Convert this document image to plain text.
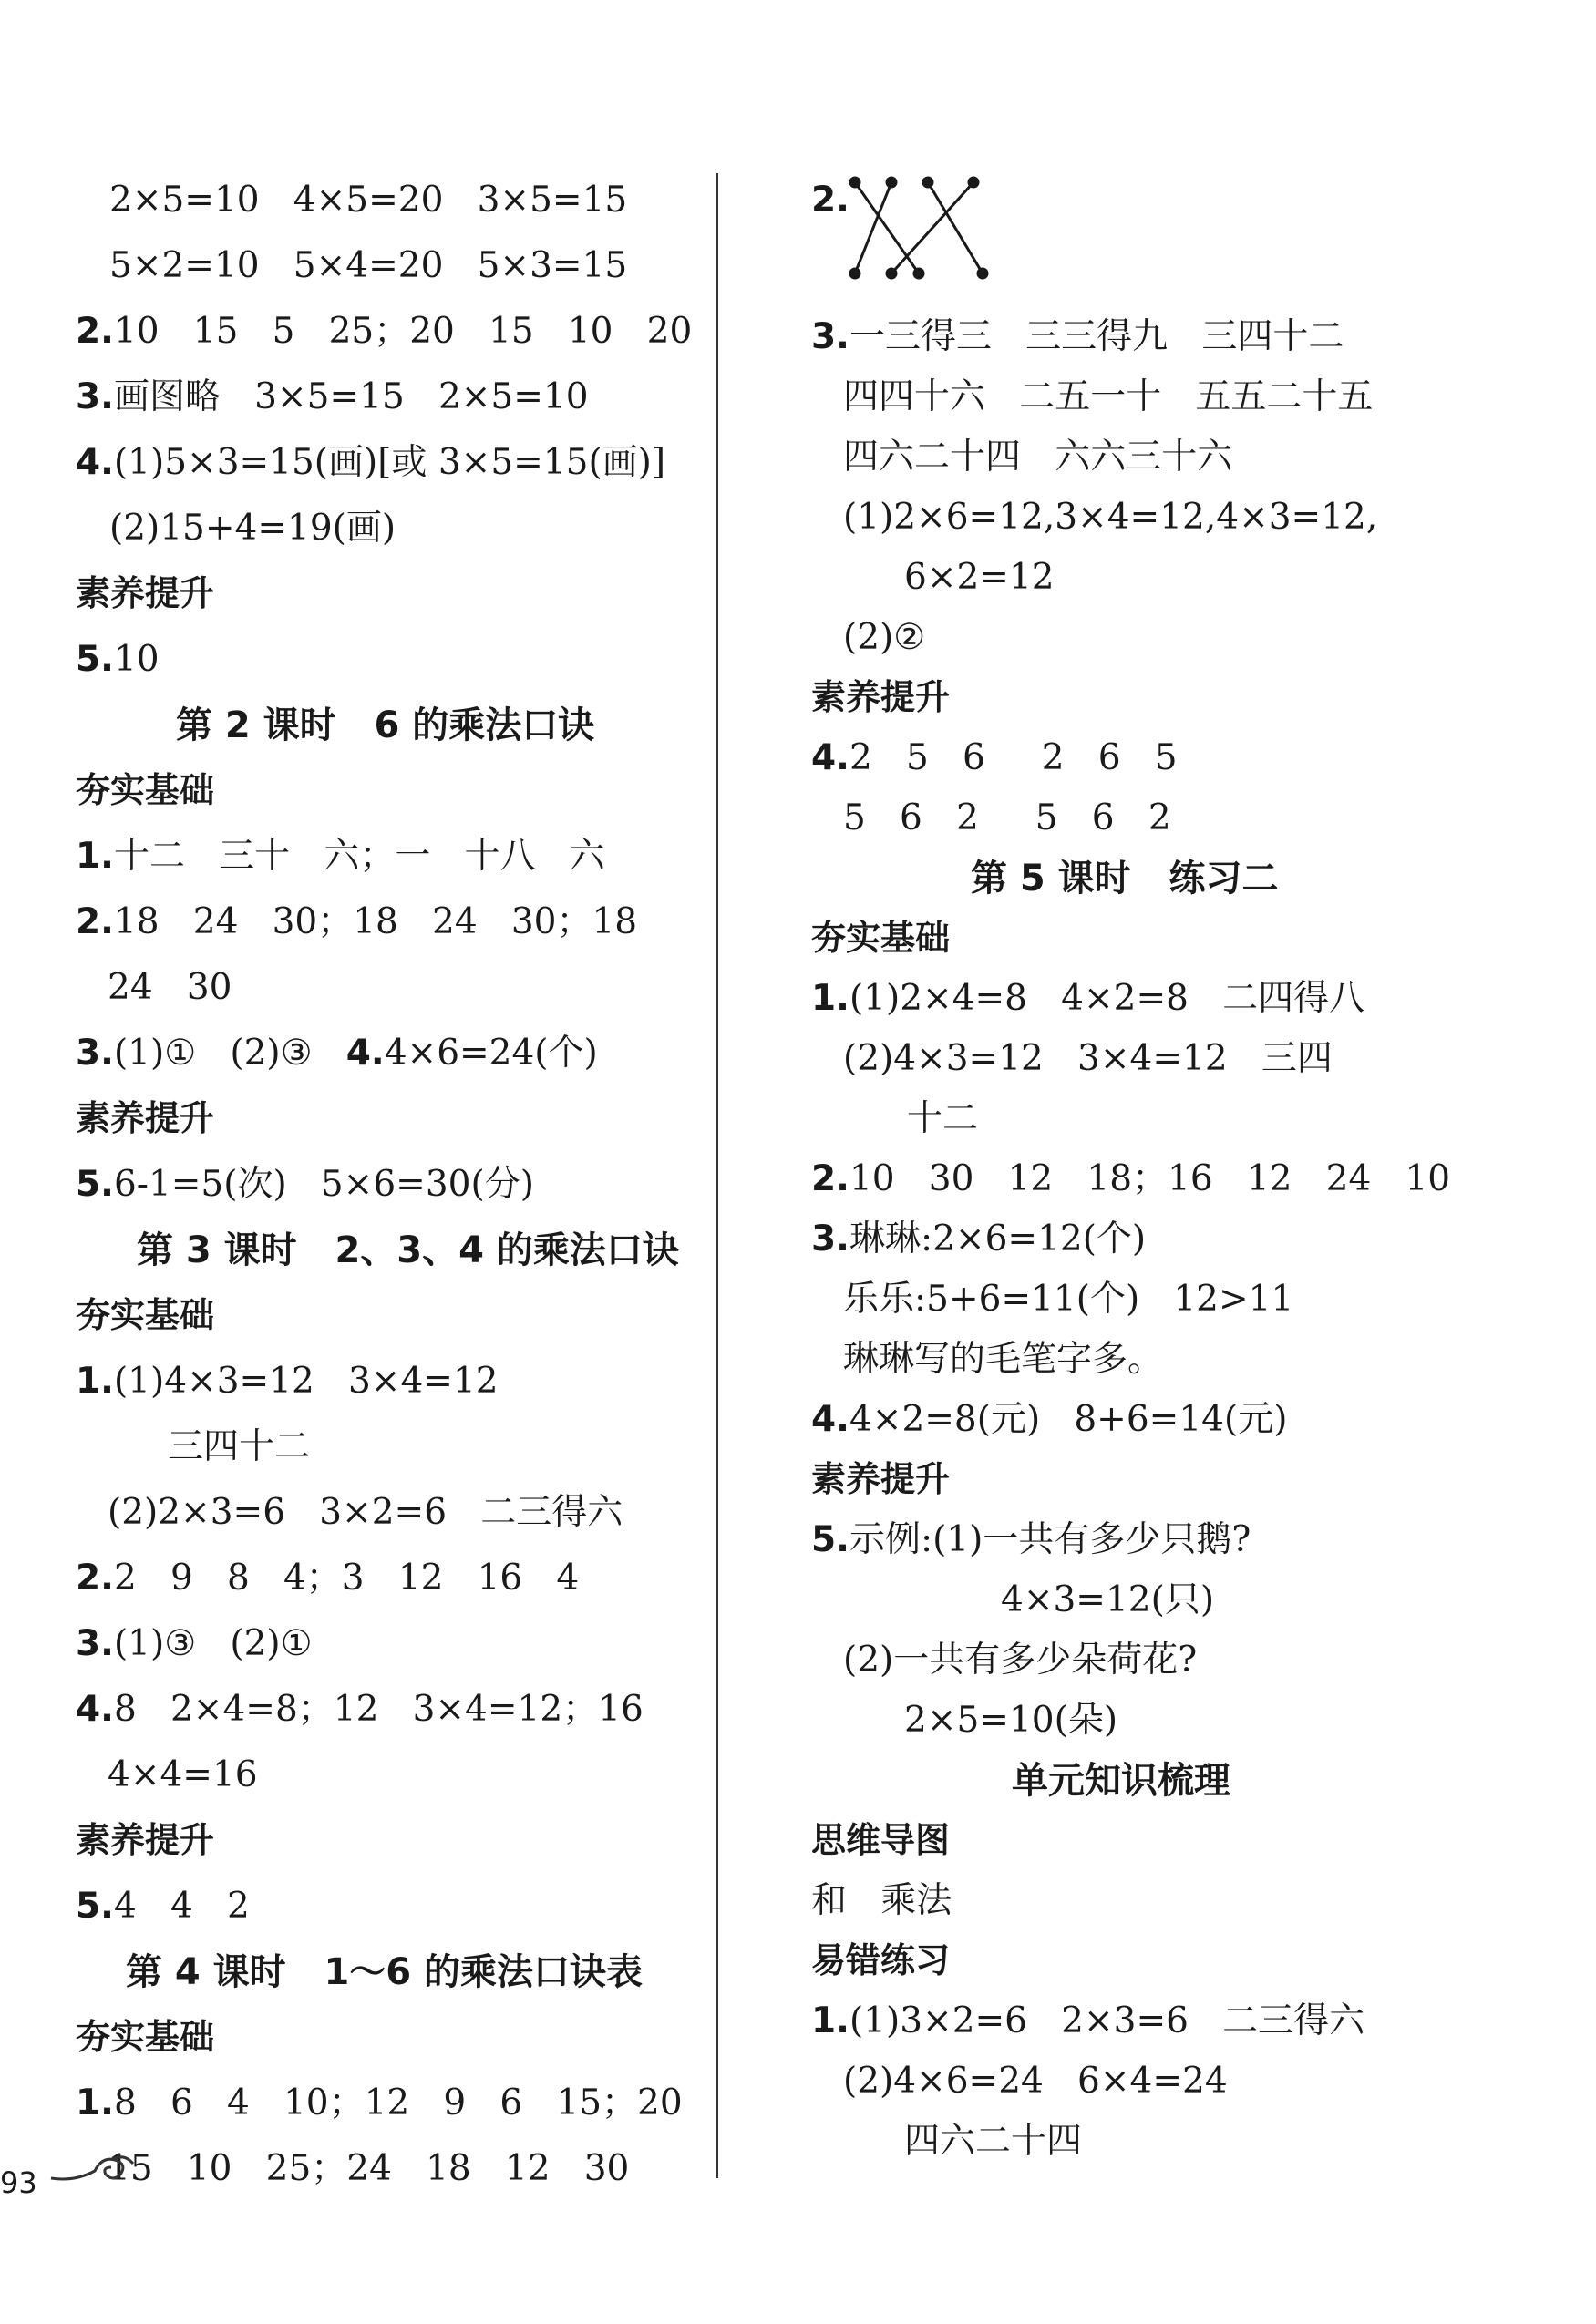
2×5=10   4×5=20   3×5=15
5×2=10   5×4=20   5×3=15
2.10   15   5   25；20   15   10   20
3.画图略   3×5=15   2×5=10
4.(1)5×3=15(画)[或 3×5=15(画)]
(2)15+4=19(画)
素养提升
5.10
第 2 课时   6 的乘法口诀
夯实基础
1.十二   三十   六；一   十八   六
2.18   24   30；18   24   30；18
24   30
3.(1)①   (2)③   4.4×6=24(个)
素养提升
5.6-1=5(次)   5×6=30(分)
第 3 课时   2、3、4 的乘法口诀
夯实基础
1.(1)4×3=12   3×4=12
三四十二
(2)2×3=6   3×2=6   二三得六
2.2   9   8   4；3   12   16   4
3.(1)③   (2)①
4.8   2×4=8；12   3×4=12；16
4×4=16
素养提升
5.4   4   2
第 4 课时   1～6 的乘法口诀表
夯实基础
1.8   6   4   10；12   9   6   15；20
15   10   25；24   18   12   30
2.
3.一三得三   三三得九   三四十二
四四十六   二五一十   五五二十五
四六二十四   六六三十六
(1)2×6=12,3×4=12,4×3=12,
6×2=12
(2)②
素养提升
4.2   5   6     2   6   5
5   6   2     5   6   2
第 5 课时   练习二
夯实基础
1.(1)2×4=8   4×2=8   二四得八
(2)4×3=12   3×4=12   三四
十二
2.10   30   12   18；16   12   24   10
3.琳琳:2×6=12(个)
乐乐:5+6=11(个)   12>11
琳琳写的毛笔字多。
4.4×2=8(元)   8+6=14(元)
素养提升
5.示例:(1)一共有多少只鹅?
4×3=12(只)
(2)一共有多少朵荷花?
2×5=10(朵)
单元知识梳理
思维导图
和   乘法
易错练习
1.(1)3×2=6   2×3=6   二三得六
(2)4×6=24   6×4=24
四六二十四
93
